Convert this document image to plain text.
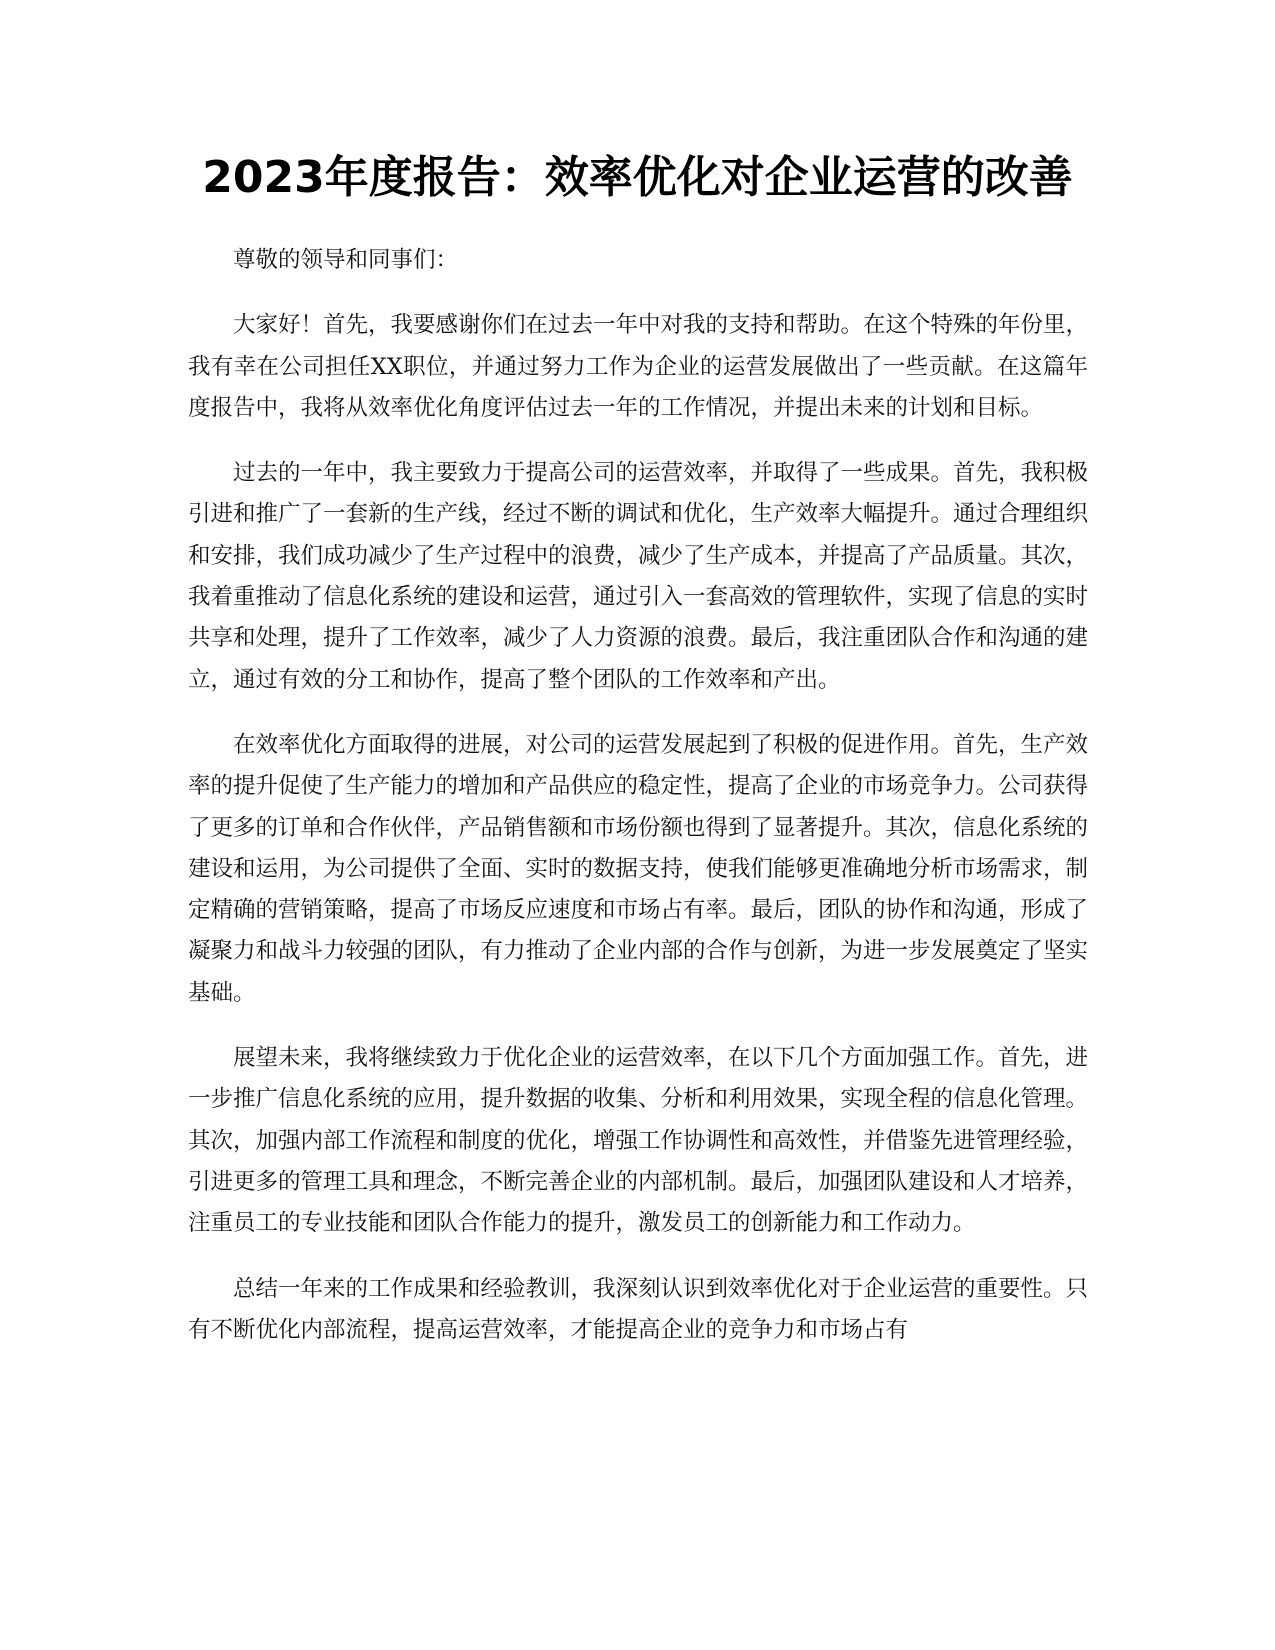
2023年度报告：效率优化对企业运营的改善

尊敬的领导和同事们：

大家好！首先，我要感谢你们在过去一年中对我的支持和帮助。在这个特殊的年份里，我有幸在公司担任XX职位，并通过努力工作为企业的运营发展做出了一些贡献。在这篇年度报告中，我将从效率优化角度评估过去一年的工作情况，并提出未来的计划和目标。

过去的一年中，我主要致力于提高公司的运营效率，并取得了一些成果。首先，我积极引进和推广了一套新的生产线，经过不断的调试和优化，生产效率大幅提升。通过合理组织和安排，我们成功减少了生产过程中的浪费，减少了生产成本，并提高了产品质量。其次，我着重推动了信息化系统的建设和运营，通过引入一套高效的管理软件，实现了信息的实时共享和处理，提升了工作效率，减少了人力资源的浪费。最后，我注重团队合作和沟通的建立，通过有效的分工和协作，提高了整个团队的工作效率和产出。

在效率优化方面取得的进展，对公司的运营发展起到了积极的促进作用。首先，生产效率的提升促使了生产能力的增加和产品供应的稳定性，提高了企业的市场竞争力。公司获得了更多的订单和合作伙伴，产品销售额和市场份额也得到了显著提升。其次，信息化系统的建设和运用，为公司提供了全面、实时的数据支持，使我们能够更准确地分析市场需求，制定精确的营销策略，提高了市场反应速度和市场占有率。最后，团队的协作和沟通，形成了凝聚力和战斗力较强的团队，有力推动了企业内部的合作与创新，为进一步发展奠定了坚实基础。

展望未来，我将继续致力于优化企业的运营效率，在以下几个方面加强工作。首先，进一步推广信息化系统的应用，提升数据的收集、分析和利用效果，实现全程的信息化管理。其次，加强内部工作流程和制度的优化，增强工作协调性和高效性，并借鉴先进管理经验，引进更多的管理工具和理念，不断完善企业的内部机制。最后，加强团队建设和人才培养，注重员工的专业技能和团队合作能力的提升，激发员工的创新能力和工作动力。

总结一年来的工作成果和经验教训，我深刻认识到效率优化对于企业运营的重要性。只有不断优化内部流程，提高运营效率，才能提高企业的竞争力和市场占有
